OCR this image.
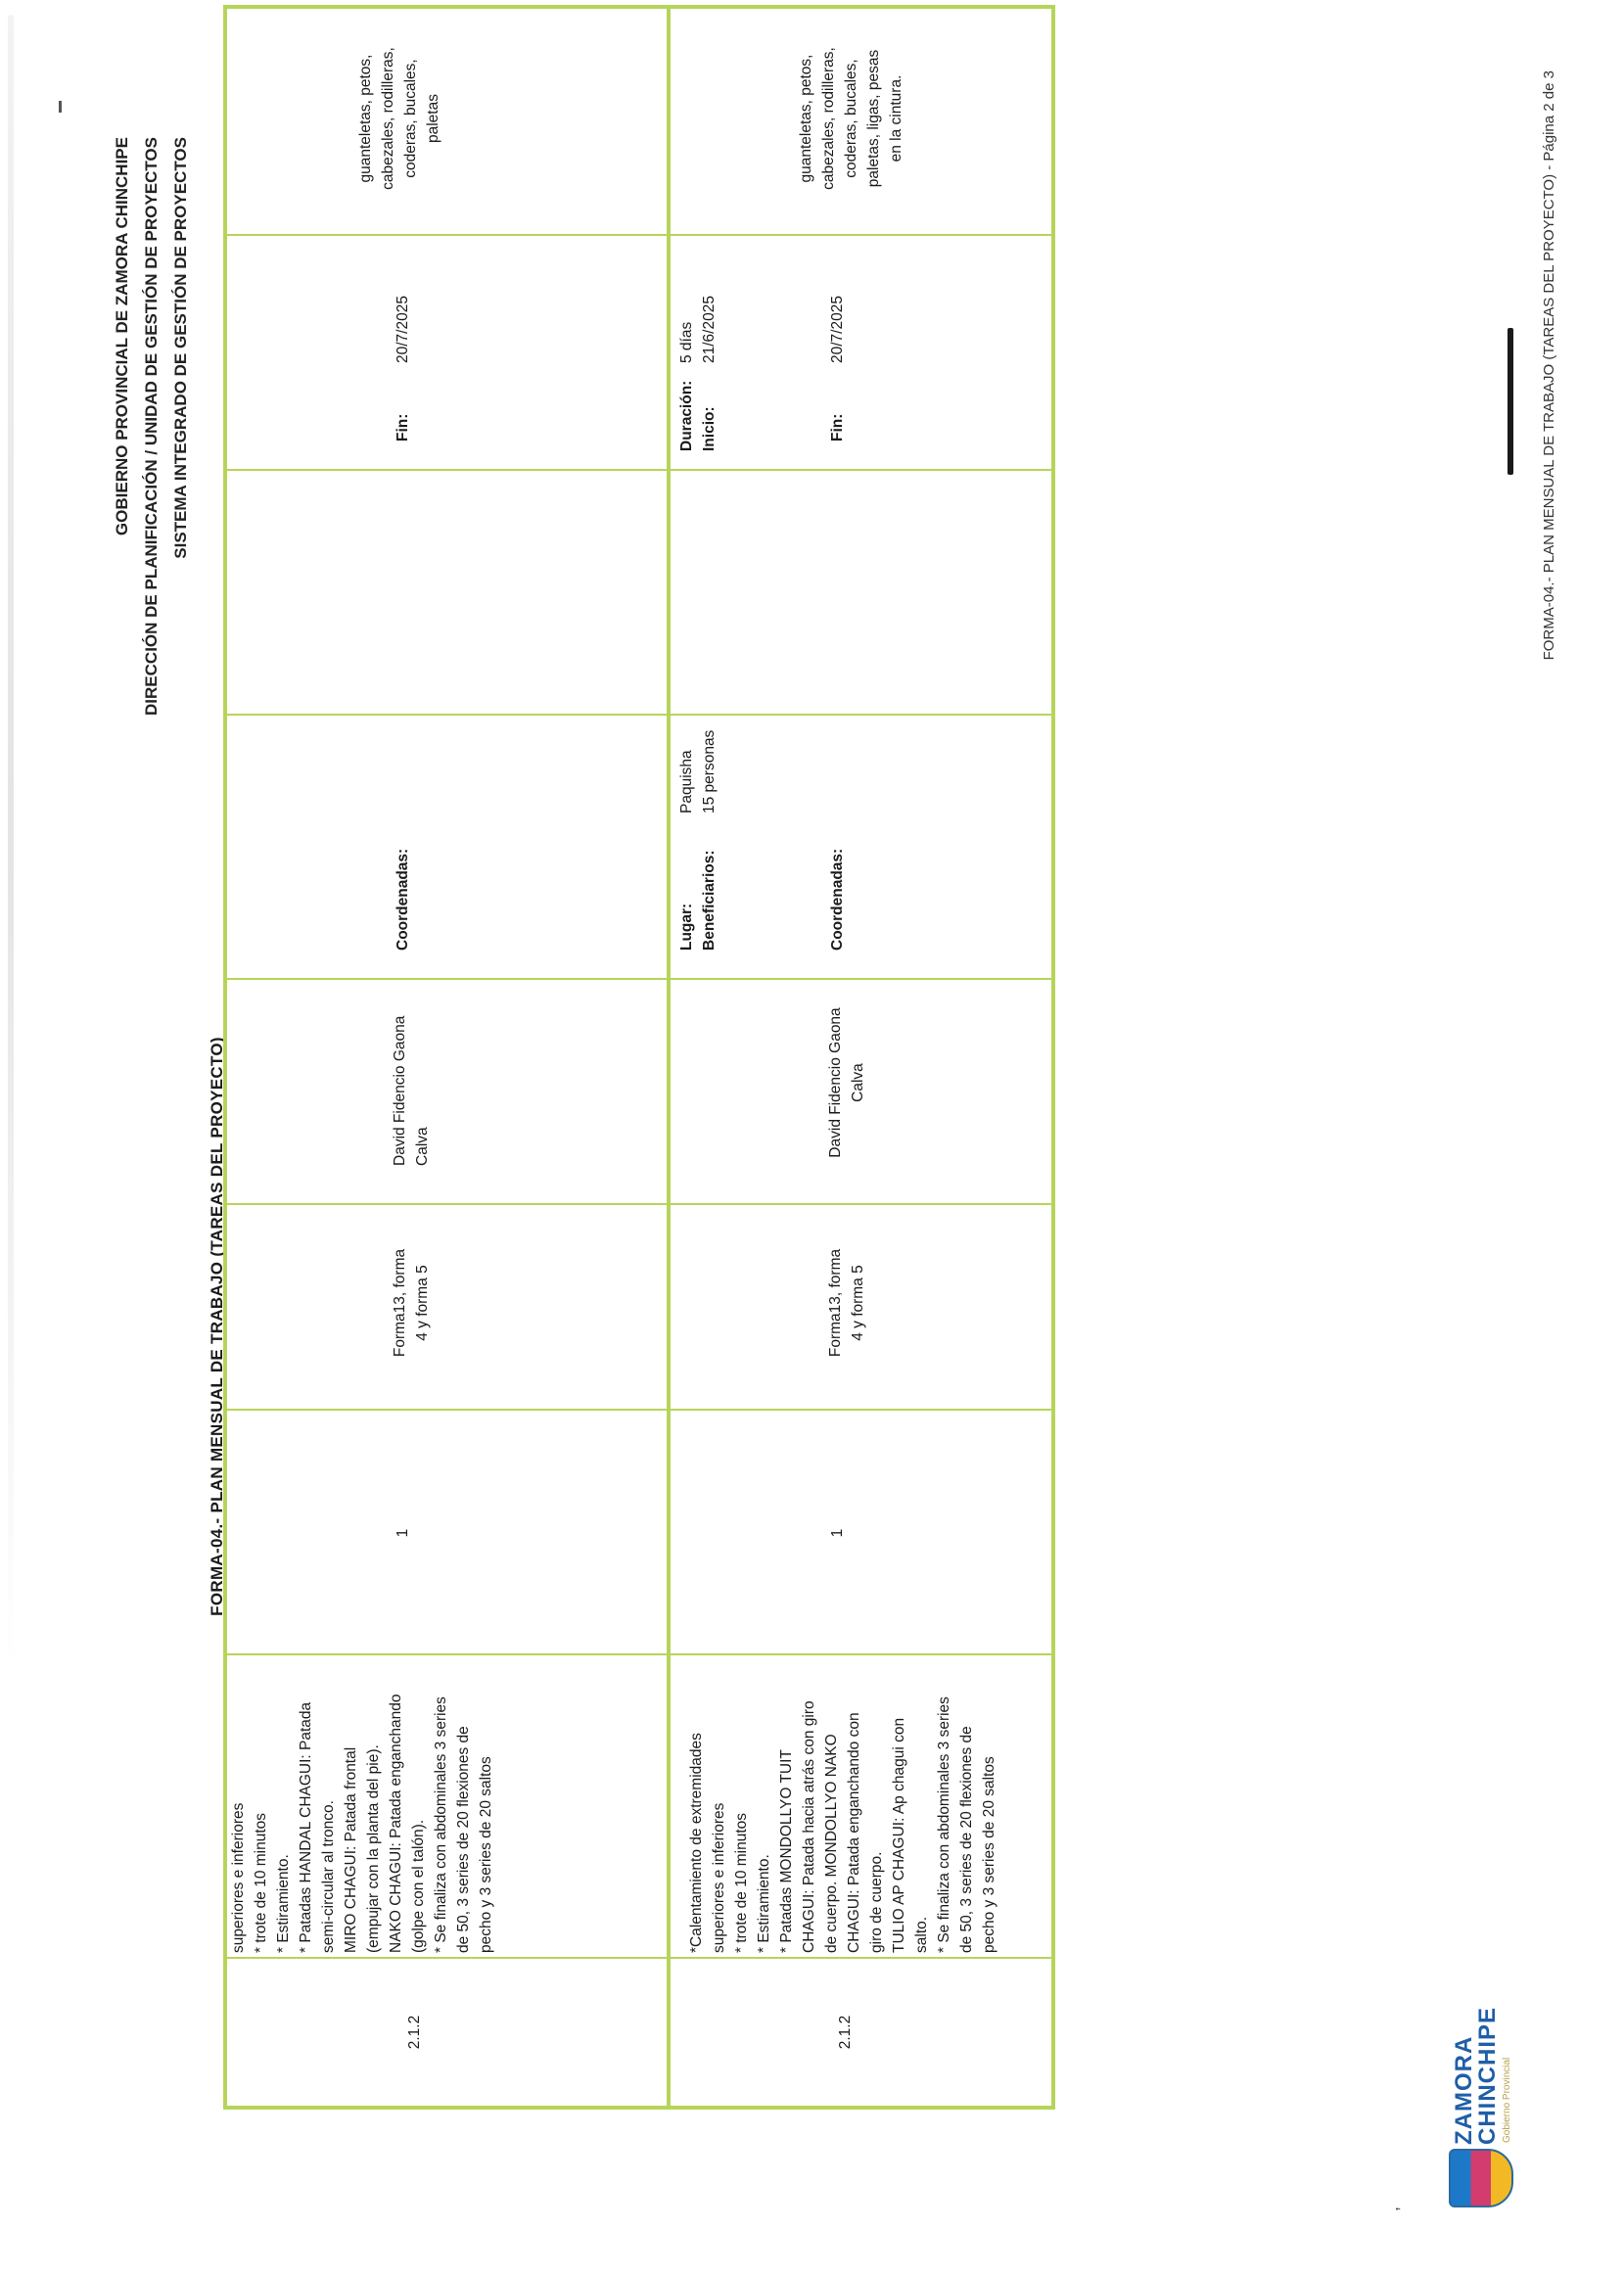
GOBIERNO PROVINCIAL DE ZAMORA CHINCHIPE DIRECCIÓN DE PLANIFICACIÓN / UNIDAD DE GESTIÓN DE PROYECTOS SISTEMA INTEGRADO DE GESTIÓN DE PROYECTOS
,
ZAMORA
CHINCHIPE Gobierno Provincial
FORMA-04.- PLAN MENSUAL DE TRABAJO (TAREAS DEL PROYECTO)
2.1.2
superiores e inferiores * trote de 10 minutos * Estiramiento. * Patadas HANDAL CHAGUI: Patada semi-circular al tronco. MIRO CHAGUI: Patada frontal (empujar con la planta del pie). NAKO CHAGUI: Patada enganchando (golpe con el talón). * Se finaliza con abdominales 3 series de 50, 3 series de 20 flexiones de pecho y 3 series de 20 saltos
1
Forma13, forma 4 y forma 5
David Fidencio Gaona Calva
Coordenadas:
Fin:
20/7/2025
guanteletas, petos, cabezales, rodilleras, coderas, bucales, paletas
2.1.2
*Calentamiento de extremidades superiores e inferiores * trote de 10 minutos * Estiramiento. * Patadas MONDOLLYO TUIT CHAGUI: Patada hacia atrás con giro de cuerpo. MONDOLLYO NAKO CHAGUI: Patada enganchando con giro de cuerpo. TULIO AP CHAGUI: Ap chagui con salto. * Se finaliza con abdominales 3 series de 50, 3 series de 20 flexiones de pecho y 3 series de 20 saltos
1
Forma13, forma 4 y forma 5
David Fidencio Gaona Calva
Lugar:
Paquisha
Beneficiarios:
15 personas
Duración:
5 días
Inicio:
21/6/2025
Coordenadas:
Fin:
20/7/2025
guanteletas, petos, cabezales, rodilleras, coderas, bucales, paletas, ligas, pesas en la cintura.	FORMA-04.- PLAN MENSUAL DE TRABAJO (TAREAS DEL PROYECTO) - Página 2 de 3
